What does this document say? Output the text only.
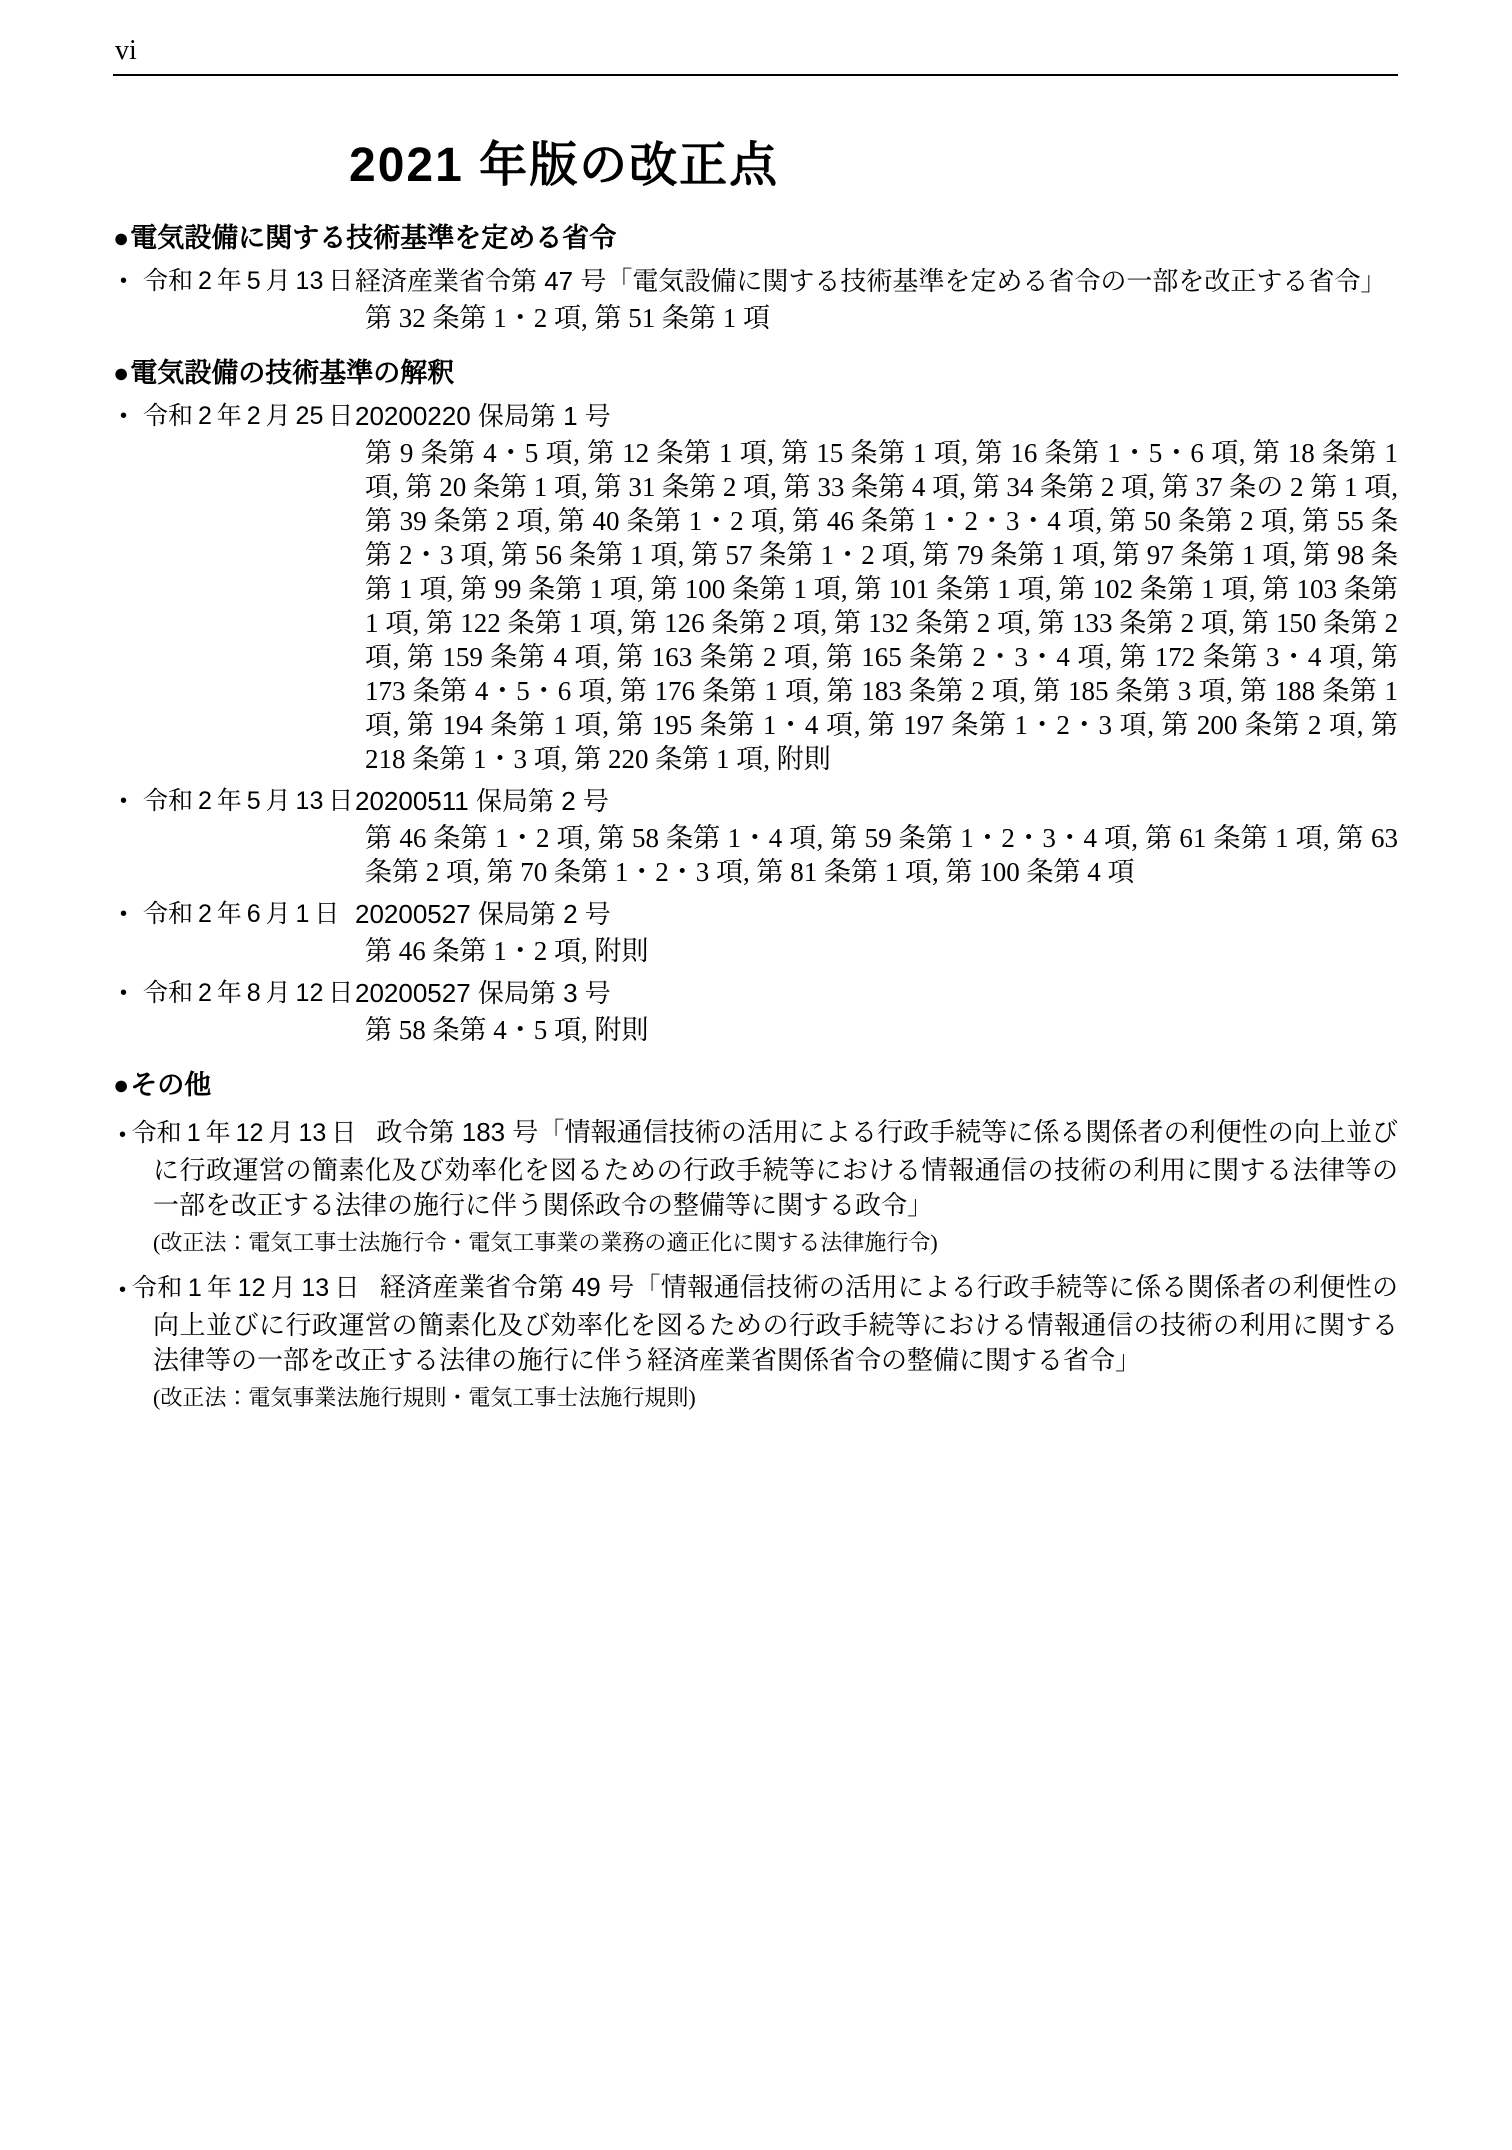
vi
2021 年版の改正点
●電気設備に関する技術基準を定める省令
• 令和 2 年 5 月 13 日 経済産業省令第 47 号「電気設備に関する技術基準を定める省令の一部を改正する省令」
第 32 条第 1・2 項, 第 51 条第 1 項
●電気設備の技術基準の解釈
• 令和 2 年 2 月 25 日 20200220 保局第 1 号
第 9 条第 4・5 項, 第 12 条第 1 項, 第 15 条第 1 項, 第 16 条第 1・5・6 項, 第 18 条第 1 項, 第 20 条第 1 項, 第 31 条第 2 項, 第 33 条第 4 項, 第 34 条第 2 項, 第 37 条の 2 第 1 項, 第 39 条第 2 項, 第 40 条第 1・2 項, 第 46 条第 1・2・3・4 項, 第 50 条第 2 項, 第 55 条第 2・3 項, 第 56 条第 1 項, 第 57 条第 1・2 項, 第 79 条第 1 項, 第 97 条第 1 項, 第 98 条第 1 項, 第 99 条第 1 項, 第 100 条第 1 項, 第 101 条第 1 項, 第 102 条第 1 項, 第 103 条第 1 項, 第 122 条第 1 項, 第 126 条第 2 項, 第 132 条第 2 項, 第 133 条第 2 項, 第 150 条第 2 項, 第 159 条第 4 項, 第 163 条第 2 項, 第 165 条第 2・3・4 項, 第 172 条第 3・4 項, 第 173 条第 4・5・6 項, 第 176 条第 1 項, 第 183 条第 2 項, 第 185 条第 3 項, 第 188 条第 1 項, 第 194 条第 1 項, 第 195 条第 1・4 項, 第 197 条第 1・2・3 項, 第 200 条第 2 項, 第 218 条第 1・3 項, 第 220 条第 1 項, 附則
• 令和 2 年 5 月 13 日 20200511 保局第 2 号
第 46 条第 1・2 項, 第 58 条第 1・4 項, 第 59 条第 1・2・3・4 項, 第 61 条第 1 項, 第 63 条第 2 項, 第 70 条第 1・2・3 項, 第 81 条第 1 項, 第 100 条第 4 項
• 令和 2 年 6 月 1 日 20200527 保局第 2 号
第 46 条第 1・2 項, 附則
• 令和 2 年 8 月 12 日 20200527 保局第 3 号
第 58 条第 4・5 項, 附則
●その他
• 令和 1 年 12 月 13 日 政令第 183 号「情報通信技術の活用による行政手続等に係る関係者の利便性の向上並びに行政運営の簡素化及び効率化を図るための行政手続等における情報通信の技術の利用に関する法律等の一部を改正する法律の施行に伴う関係政令の整備等に関する政令」
(改正法：電気工事士法施行令・電気工事業の業務の適正化に関する法律施行令)
• 令和 1 年 12 月 13 日 経済産業省令第 49 号「情報通信技術の活用による行政手続等に係る関係者の利便性の向上並びに行政運営の簡素化及び効率化を図るための行政手続等における情報通信の技術の利用に関する法律等の一部を改正する法律の施行に伴う経済産業省関係省令の整備に関する省令」
(改正法：電気事業法施行規則・電気工事士法施行規則)
